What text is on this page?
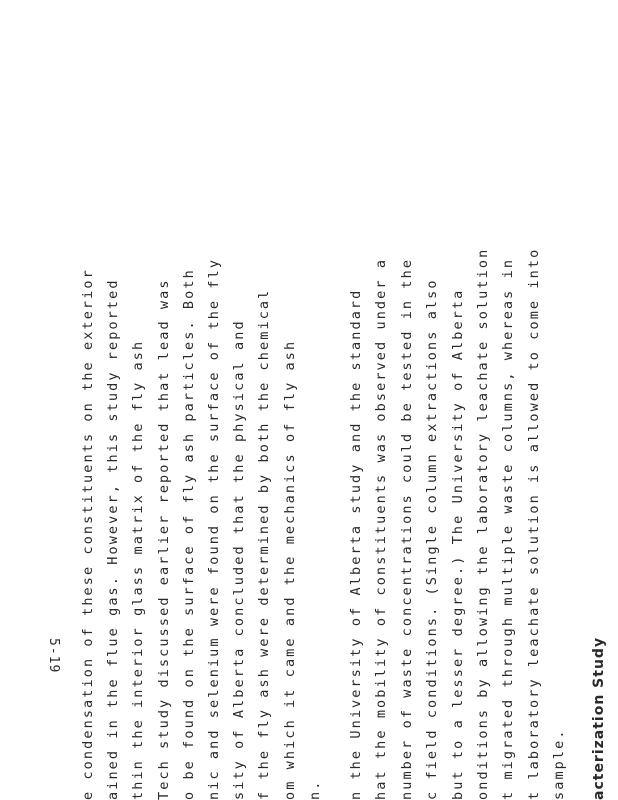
5-19 e condensation of these constituents on the exterior ained in the flue gas. However, this study reported thin the interior glass matrix of the fly ash Tech study discussed earlier reported that lead was o be found on the surface of fly ash particles. Both nic and selenium were found on the surface of the fly sity of Alberta concluded that the physical and f the fly ash were determined by both the chemical om which it came and the mechanics of fly ash n. n the University of Alberta study and the standard hat the mobility of constituents was observed under a number of waste concentrations could be tested in the c field conditions. (Single column extractions also but to a lesser degree.) The University of Alberta onditions by allowing the laboratory leachate solution t migrated through multiple waste columns, whereas in t laboratory leachate solution is allowed to come into sample. acterization Study
